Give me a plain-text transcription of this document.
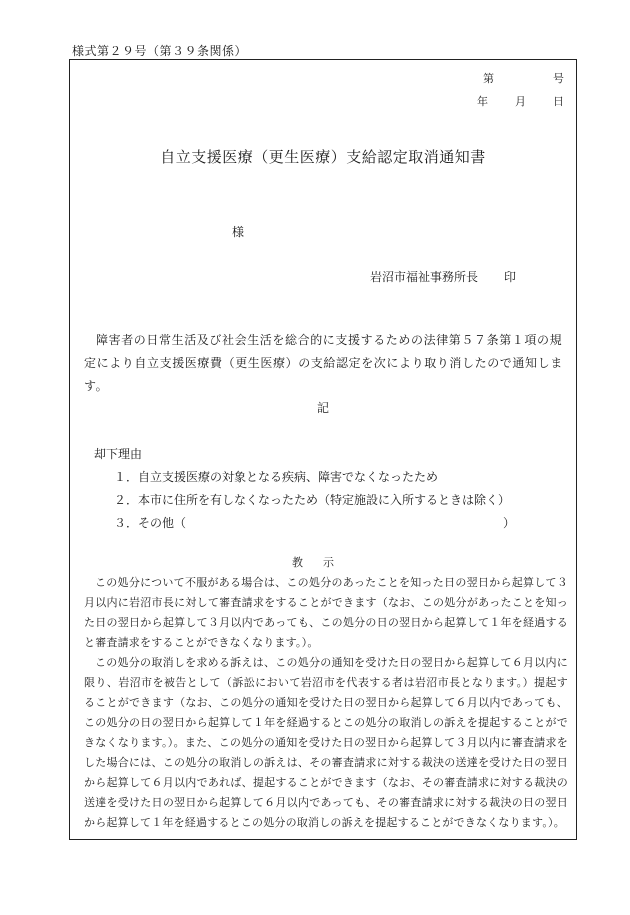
様式第２９号（第３９条関係）
第	号
年 月 日
自立支援医療（更生医療）支給認定取消通知書
様
岩沼市福祉事務所長 印
障害者の日常生活及び社会生活を総合的に支援するための法律第５７条第１項の規定により自立支援医療費（更生医療）の支給認定を次により取り消したので通知します。
記
却下理由
１．自立支援医療の対象となる疾病、障害でなくなったため
２．本市に住所を有しなくなったため（特定施設に入所するときは除く）
３．その他（	）
教示

この処分について不服がある場合は、この処分のあったことを知った日の翌日から起算して３月以内に岩沼市長に対して審査請求をすることができます（なお、この処分があったことを知った日の翌日から起算して３月以内であっても、この処分の日の翌日から起算して１年を経過すると審査請求をすることができなくなります。）。

この処分の取消しを求める訴えは、この処分の通知を受けた日の翌日から起算して６月以内に限り、岩沼市を被告として（訴訟において岩沼市を代表する者は岩沼市長となります。）提起することができます（なお、この処分の通知を受けた日の翌日から起算して６月以内であっても、この処分の日の翌日から起算して１年を経過するとこの処分の取消しの訴えを提起することができなくなります。）。また、この処分の通知を受けた日の翌日から起算して３月以内に審査請求をした場合には、この処分の取消しの訴えは、その審査請求に対する裁決の送達を受けた日の翌日から起算して６月以内であれば、提起することができます（なお、その審査請求に対する裁決の送達を受けた日の翌日から起算して６月以内であっても、その審査請求に対する裁決の日の翌日から起算して１年を経過するとこの処分の取消しの訴えを提起することができなくなります。）。
